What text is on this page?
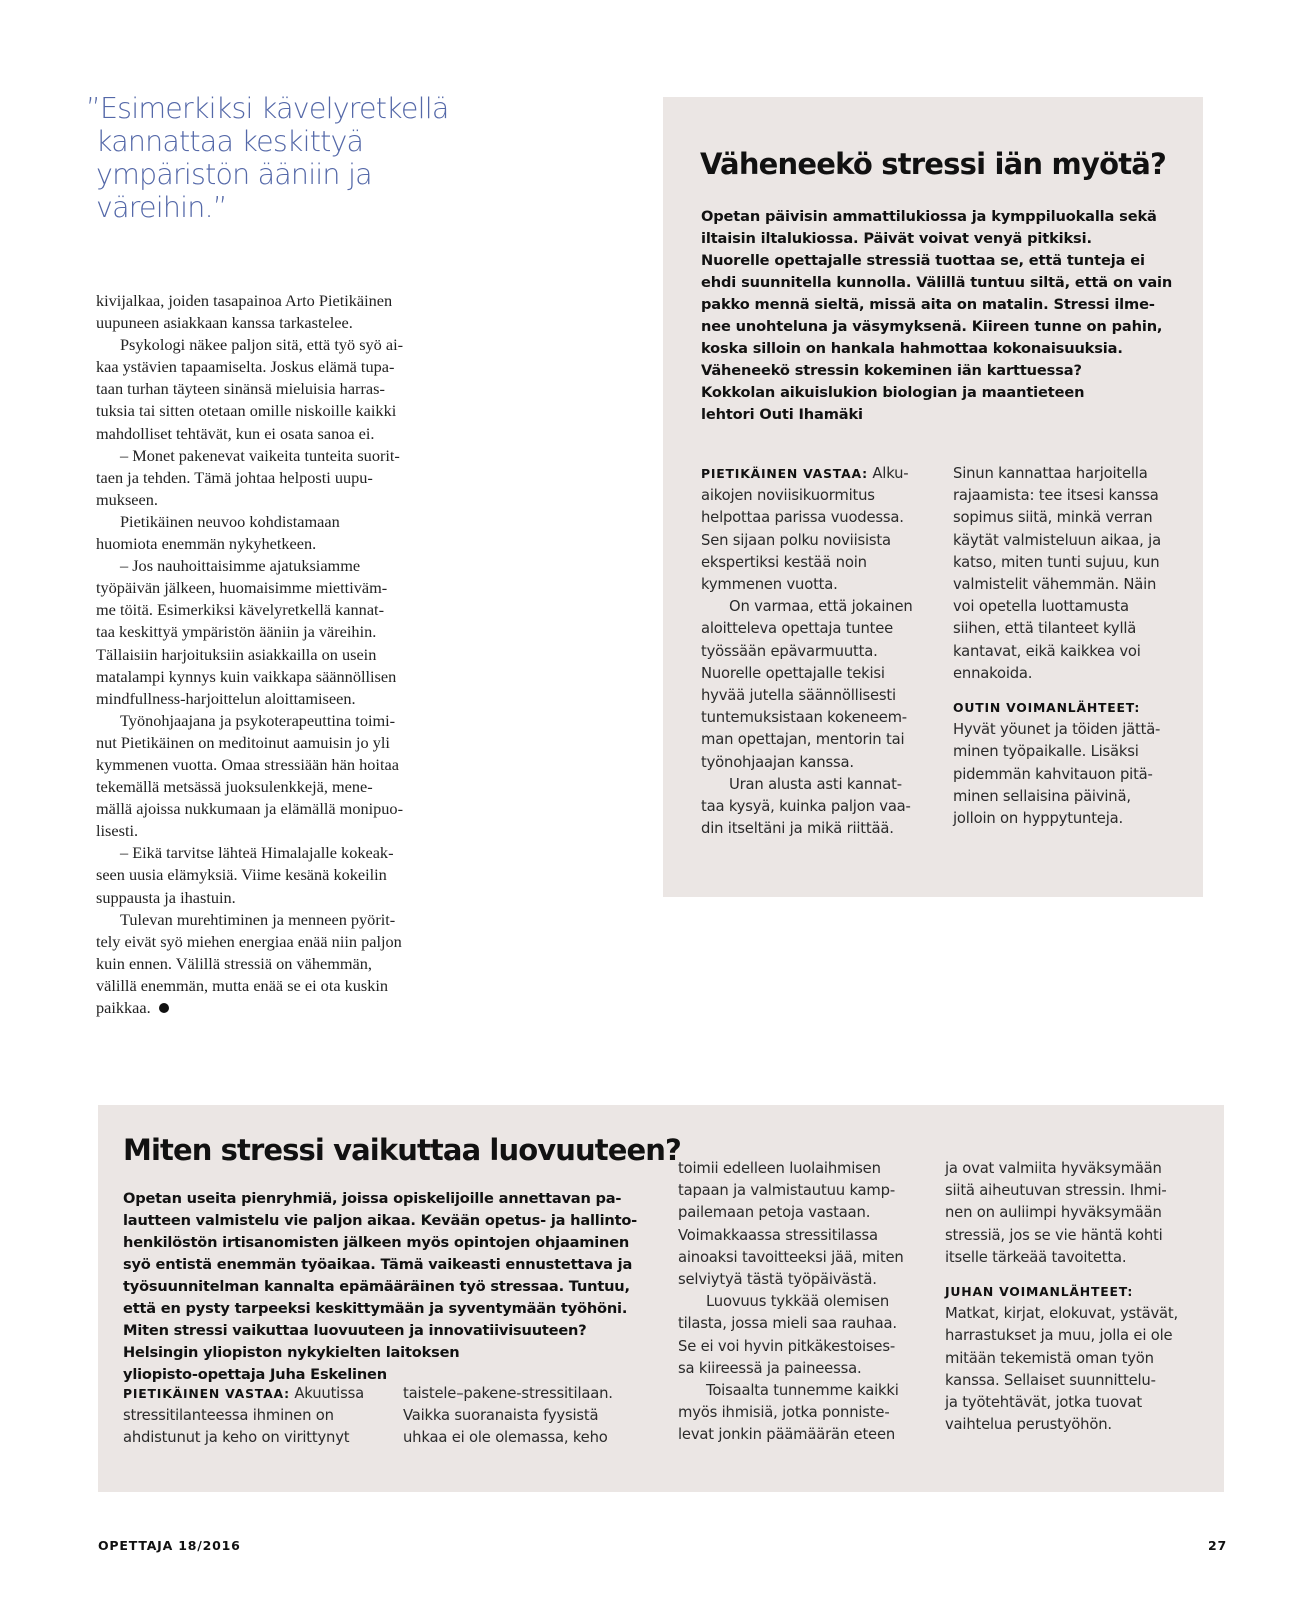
”Esimerkiksi kävelyretkellä
kannattaa keskittyä
ympäristön ääniin ja
väreihin.”
kivijalkaa, joiden tasapainoa Arto Pietikäinen
uupuneen asiakkaan kanssa tarkastelee.
Psykologi näkee paljon sitä, että työ syö ai-
kaa ystävien tapaamiselta. Joskus elämä tupa-
taan turhan täyteen sinänsä mieluisia harras-
tuksia tai sitten otetaan omille niskoille kaikki
mahdolliset tehtävät, kun ei osata sanoa ei.
– Monet pakenevat vaikeita tunteita suorit-
taen ja tehden. Tämä johtaa helposti uupu-
mukseen.
Pietikäinen neuvoo kohdistamaan
huomiota enemmän nykyhetkeen.
– Jos nauhoittaisimme ajatuksiamme
työpäivän jälkeen, huomaisimme miettiväm-
me töitä. Esimerkiksi kävelyretkellä kannat-
taa keskittyä ympäristön ääniin ja väreihin.
Tällaisiin harjoituksiin asiakkailla on usein
matalampi kynnys kuin vaikkapa säännöllisen
mindfullness-harjoittelun aloittamiseen.
Työnohjaajana ja psykoterapeuttina toimi-
nut Pietikäinen on meditoinut aamuisin jo yli
kymmenen vuotta. Omaa stressiään hän hoitaa
tekemällä metsässä juoksulenkkejä, mene-
mällä ajoissa nukkumaan ja elämällä monipuo-
lisesti.
– Eikä tarvitse lähteä Himalajalle kokeak-
seen uusia elämyksiä. Viime kesänä kokeilin
suppausta ja ihastuin.
Tulevan murehtiminen ja menneen pyörit-
tely eivät syö miehen energiaa enää niin paljon
kuin ennen. Välillä stressiä on vähemmän,
välillä enemmän, mutta enää se ei ota kuskin
paikkaa.
Väheneekö stressi iän myötä?
Opetan päivisin ammattilukiossa ja kymppiluokalla sekä
iltaisin iltalukiossa. Päivät voivat venyä pitkiksi.
Nuorelle opettajalle stressiä tuottaa se, että tunteja ei
ehdi suunnitella kunnolla. Välillä tuntuu siltä, että on vain
pakko mennä sieltä, missä aita on matalin. Stressi ilme-
nee unohteluna ja väsymyksenä. Kiireen tunne on pahin,
koska silloin on hankala hahmottaa kokonaisuuksia.
Väheneekö stressin kokeminen iän karttuessa?
Kokkolan aikuislukion biologian ja maantieteen
lehtori Outi Ihamäki
PIETIKÄINEN VASTAA: Alku-
aikojen noviisikuormitus
helpottaa parissa vuodessa.
Sen sijaan polku noviisista
ekspertiksi kestää noin
kymmenen vuotta.
On varmaa, että jokainen
aloitteleva opettaja tuntee
työssään epävarmuutta.
Nuorelle opettajalle tekisi
hyvää jutella säännöllisesti
tuntemuksistaan kokeneem-
man opettajan, mentorin tai
työnohjaajan kanssa.
Uran alusta asti kannat-
taa kysyä, kuinka paljon vaa-
din itseltäni ja mikä riittää.
Sinun kannattaa harjoitella
rajaamista: tee itsesi kanssa
sopimus siitä, minkä verran
käytät valmisteluun aikaa, ja
katso, miten tunti sujuu, kun
valmistelit vähemmän. Näin
voi opetella luottamusta
siihen, että tilanteet kyllä
kantavat, eikä kaikkea voi
ennakoida.
OUTIN VOIMANLÄHTEET:
Hyvät yöunet ja töiden jättä-
minen työpaikalle. Lisäksi
pidemmän kahvitauon pitä-
minen sellaisina päivinä,
jolloin on hyppytunteja.
Miten stressi vaikuttaa luovuuteen?
Opetan useita pienryhmiä, joissa opiskelijoille annettavan pa-
lautteen valmistelu vie paljon aikaa. Kevään opetus- ja hallinto-
henkilöstön irtisanomisten jälkeen myös opintojen ohjaaminen
syö entistä enemmän työaikaa. Tämä vaikeasti ennustettava ja
työsuunnitelman kannalta epämääräinen työ stressaa. Tuntuu,
että en pysty tarpeeksi keskittymään ja syventymään työhöni.
Miten stressi vaikuttaa luovuuteen ja innovatiivisuuteen?
Helsingin yliopiston nykykielten laitoksen
yliopisto-opettaja Juha Eskelinen
PIETIKÄINEN VASTAA: Akuutissa
stressitilanteessa ihminen on
ahdistunut ja keho on virittynyt
taistele–pakene-stressitilaan.
Vaikka suoranaista fyysistä
uhkaa ei ole olemassa, keho
toimii edelleen luolaihmisen
tapaan ja valmistautuu kamp-
pailemaan petoja vastaan.
Voimakkaassa stressitilassa
ainoaksi tavoitteeksi jää, miten
selviytyä tästä työpäivästä.
Luovuus tykkää olemisen
tilasta, jossa mieli saa rauhaa.
Se ei voi hyvin pitkäkestoises-
sa kiireessä ja paineessa.
Toisaalta tunnemme kaikki
myös ihmisiä, jotka ponniste-
levat jonkin päämäärän eteen
ja ovat valmiita hyväksymään
siitä aiheutuvan stressin. Ihmi-
nen on auliimpi hyväksymään
stressiä, jos se vie häntä kohti
itselle tärkeää tavoitetta.
JUHAN VOIMANLÄHTEET:
Matkat, kirjat, elokuvat, ystävät,
harrastukset ja muu, jolla ei ole
mitään tekemistä oman työn
kanssa. Sellaiset suunnittelu-
ja työtehtävät, jotka tuovat
vaihtelua perustyöhön.
OPETTAJA 18/2016	27
